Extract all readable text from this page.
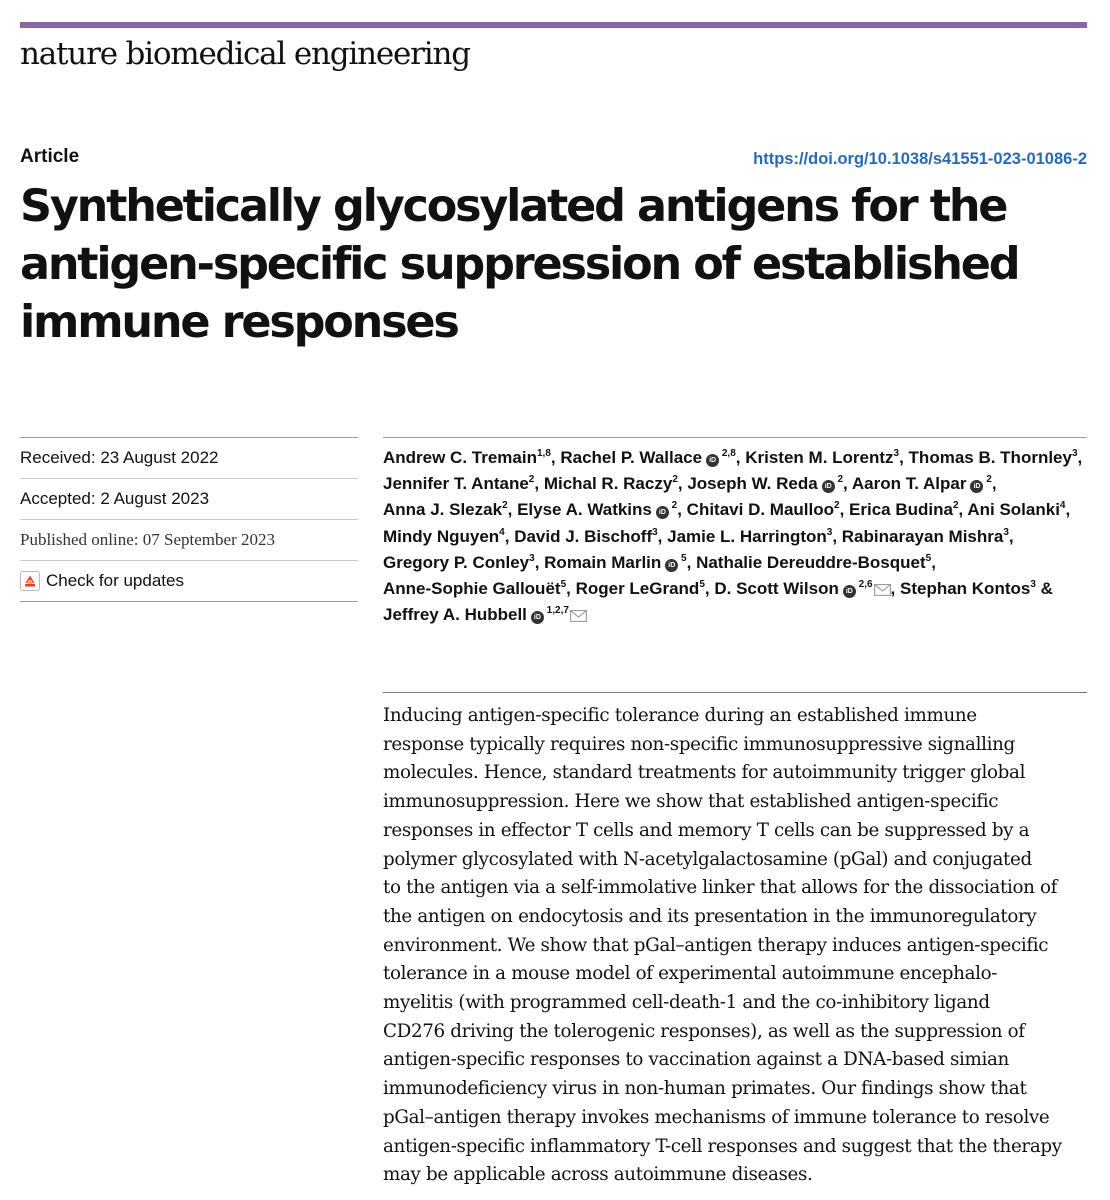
nature biomedical engineering
Article	https://doi.org/10.1038/s41551-023-01086-2
Synthetically glycosylated antigens for the
antigen-specific suppression of established
immune responses
Received: 23 August 2022
Accepted: 2 August 2023
Published online: 07 September 2023
Check for updates
Andrew C. Tremain$^{1,8}$, Rachel P. Wallace iD $^{2,8}$, Kristen M. Lorentz$^3$, Thomas B. Thornley$^3$, Jennifer T. Antane$^2$, Michal R. Raczy$^2$, Joseph W. Reda iD $^2$, Aaron T. Alpar iD $^2$, Anna J. Slezak$^2$, Elyse A. Watkins iD $^2$, Chitavi D. Maulloo$^2$, Erica Budina$^2$, Ani Solanki$^4$, Mindy Nguyen$^4$, David J. Bischoff$^3$, Jamie L. Harrington$^3$, Rabinarayan Mishra$^3$, Gregory P. Conley$^3$, Romain Marlin iD $^5$, Nathalie Dereuddre-Bosquet$^5$, Anne-Sophie Gallouët$^5$, Roger LeGrand$^5$, D. Scott Wilson iD $^{2,6}$ , Stephan Kontos$^3$ & Jeffrey A. Hubbell iD $^{1,2,7}$

Inducing antigen-specific tolerance during an established immune
response typically requires non-specific immunosuppressive signalling
molecules. Hence, standard treatments for autoimmunity trigger global
immunosuppression. Here we show that established antigen-specific
responses in effector T cells and memory T cells can be suppressed by a
polymer glycosylated with N-acetylgalactosamine (pGal) and conjugated
to the antigen via a self-immolative linker that allows for the dissociation of
the antigen on endocytosis and its presentation in the immunoregulatory
environment. We show that pGal–antigen therapy induces antigen-specific
tolerance in a mouse model of experimental autoimmune encephalo-
myelitis (with programmed cell-death-1 and the co-inhibitory ligand
CD276 driving the tolerogenic responses), as well as the suppression of
antigen-specific responses to vaccination against a DNA-based simian
immunodeficiency virus in non-human primates. Our findings show that
pGal–antigen therapy invokes mechanisms of immune tolerance to resolve
antigen-specific inflammatory T-cell responses and suggest that the therapy
may be applicable across autoimmune diseases.
